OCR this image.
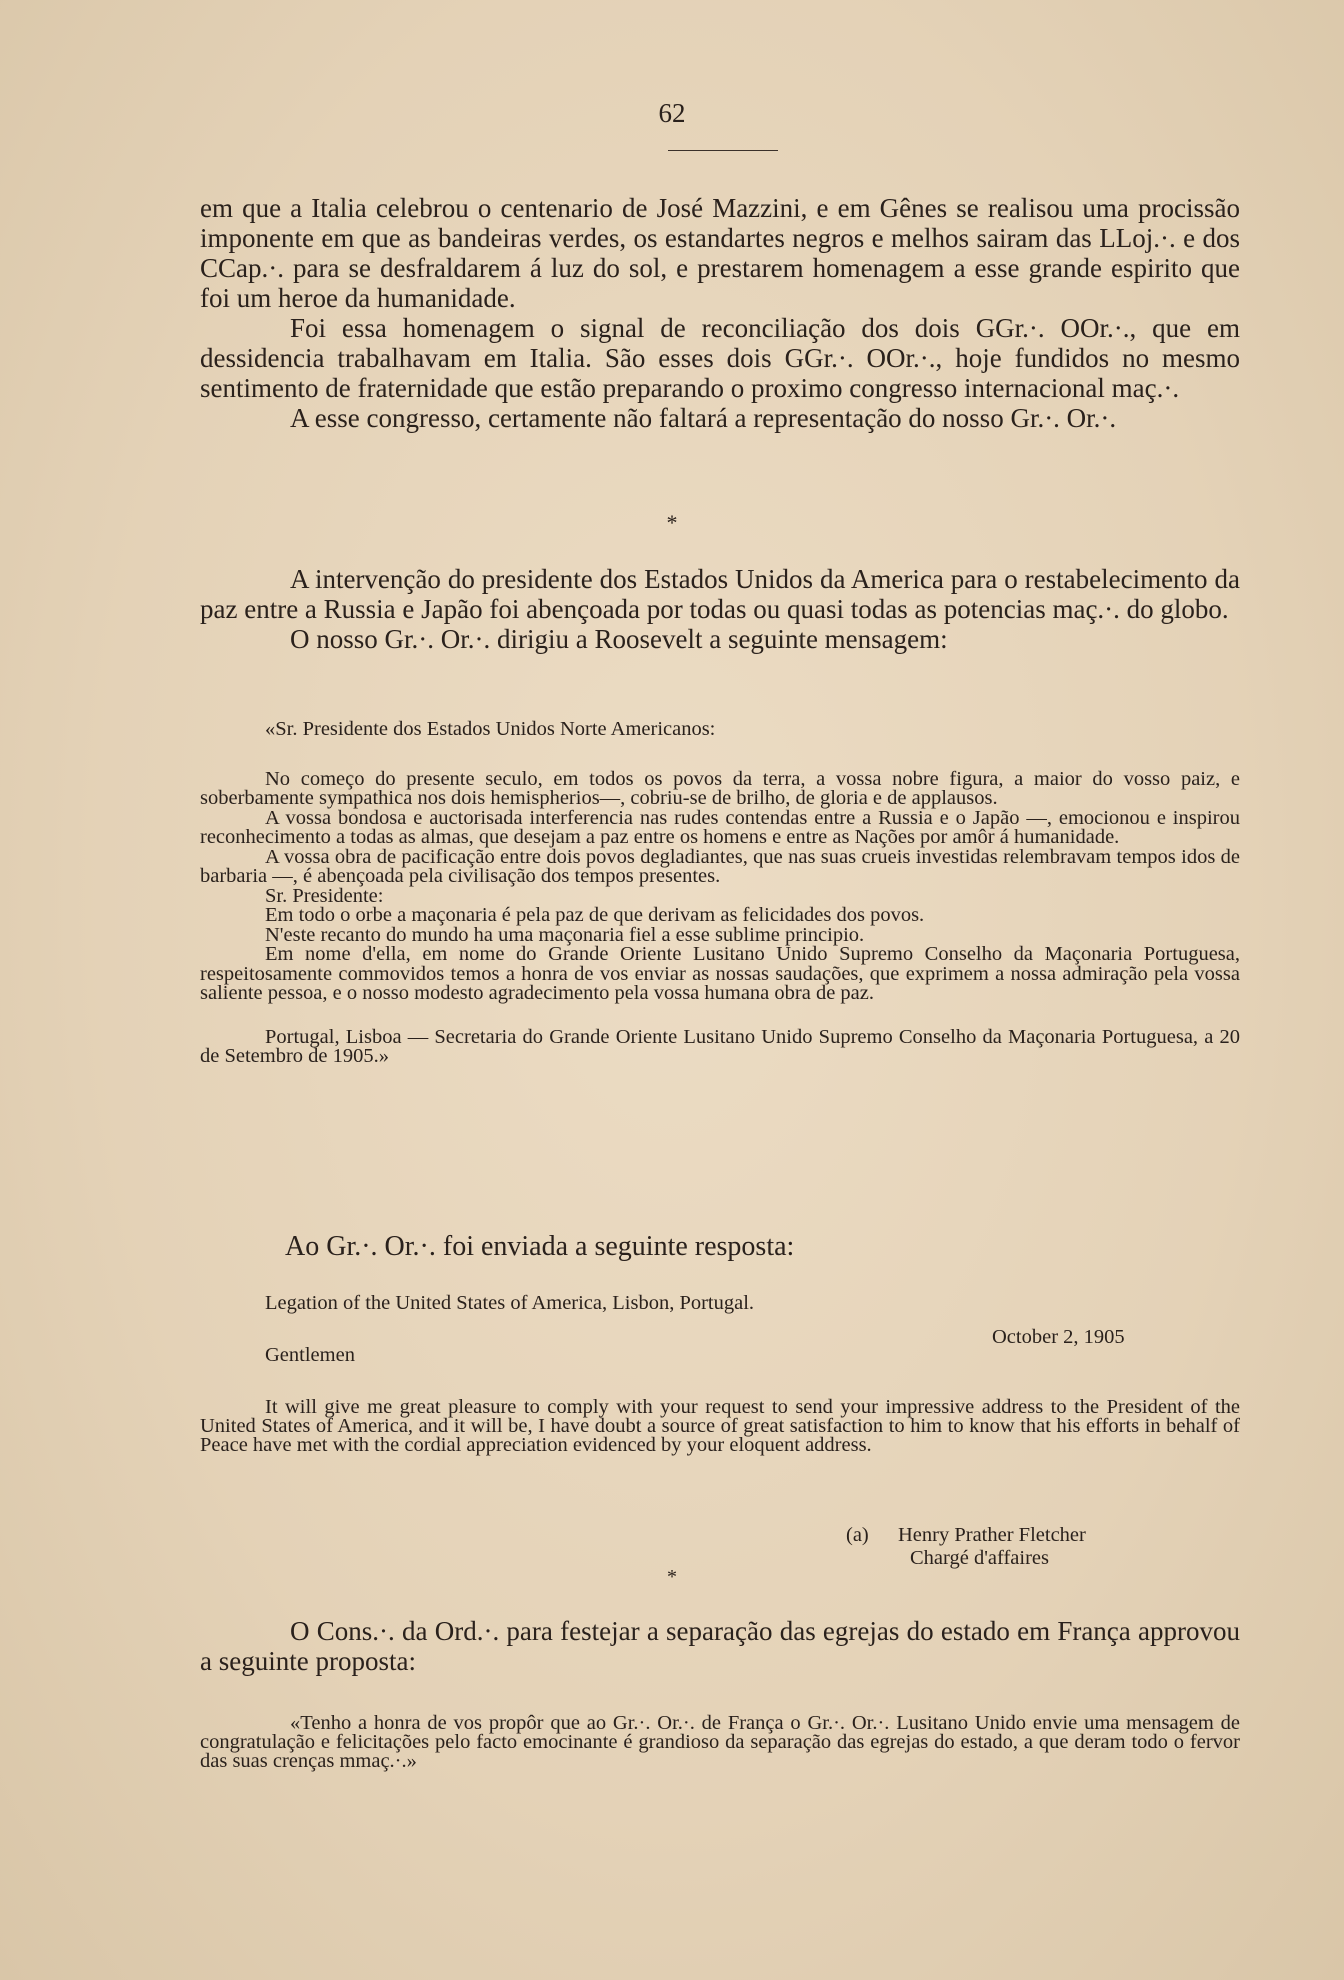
62

em que a Italia celebrou o centenario de José Mazzini, e em Gênes se realisou uma procissão imponente em que as bandeiras verdes, os estandartes negros e melhos sairam das LLoj.·. e dos CCap.·. para se desfraldarem á luz do sol, e prestarem homenagem a esse grande espirito que foi um heroe da humanidade.

Foi essa homenagem o signal de reconciliação dos dois GGr.·. OOr.·., que em dessidencia trabalhavam em Italia. São esses dois GGr.·. OOr.·., hoje fundidos no mesmo sentimento de fraternidade que estão preparando o proximo congresso internacional maç.·.

A esse congresso, certamente não faltará a representação do nosso Gr.·. Or.·.

*

A intervenção do presidente dos Estados Unidos da America para o restabelecimento da paz entre a Russia e Japão foi abençoada por todas ou quasi todas as potencias maç.·. do globo.

O nosso Gr.·. Or.·. dirigiu a Roosevelt a seguinte mensagem:

«Sr. Presidente dos Estados Unidos Norte Americanos:

No começo do presente seculo, em todos os povos da terra, a vossa nobre figura, a maior do vosso paiz, e soberbamente sympathica nos dois hemispherios—, cobriu-se de brilho, de gloria e de applausos.

A vossa bondosa e auctorisada interferencia nas rudes contendas entre a Russia e o Japão —, emocionou e inspirou reconhecimento a todas as almas, que desejam a paz entre os homens e entre as Nações por amôr á humanidade.

A vossa obra de pacificação entre dois povos degladiantes, que nas suas crueis investidas relembravam tempos idos de barbaria —, é abençoada pela civilisação dos tempos presentes.

Sr. Presidente:

Em todo o orbe a maçonaria é pela paz de que derivam as felicidades dos povos.

N'este recanto do mundo ha uma maçonaria fiel a esse sublime principio.

Em nome d'ella, em nome do Grande Oriente Lusitano Unido Supremo Conselho da Maçonaria Portuguesa, respeitosamente commovidos temos a honra de vos enviar as nossas saudações, que exprimem a nossa admiração pela vossa saliente pessoa, e o nosso modesto agradecimento pela vossa humana obra de paz.

Portugal, Lisboa — Secretaria do Grande Oriente Lusitano Unido Supremo Conselho da Maçonaria Portuguesa, a 20 de Setembro de 1905.»

Ao Gr.·. Or.·. foi enviada a seguinte resposta:
Legation of the United States of America, Lisbon, Portugal.
October 2, 1905
Gentlemen

It will give me great pleasure to comply with your request to send your impressive address to the President of the United States of America, and it will be, I have doubt a source of great satisfaction to him to know that his efforts in behalf of Peace have met with the cordial appreciation evidenced by your eloquent address.

(a) Henry Prather Fletcher
Chargé d'affaires
*

O Cons.·. da Ord.·. para festejar a separação das egrejas do estado em França approvou a seguinte proposta:

«Tenho a honra de vos propôr que ao Gr.·. Or.·. de França o Gr.·. Or.·. Lusitano Unido envie uma mensagem de congratulação e felicitações pelo facto emocinante é grandioso da separação das egrejas do estado, a que deram todo o fervor das suas crenças mmaç.·.»
